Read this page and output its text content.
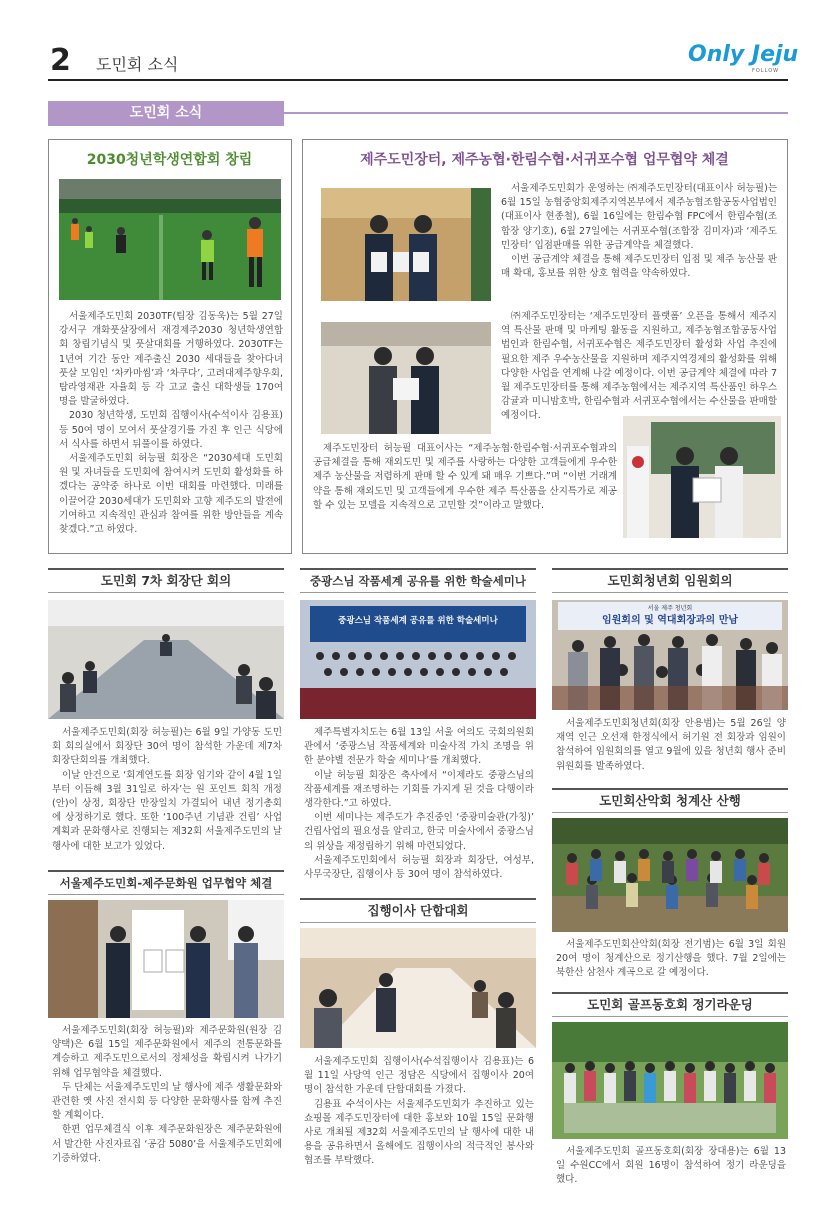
2 도민회 소식	Only Jeju
FOLLOW
도민회 소식
2030청년학생연합회 창립

서울제주도민회 2030TF(팀장 김동욱)는 5월 27일 강서구 개화풋살장에서 재경제주2030 청년학생연합회 창립기념식 및 풋살대회를 거행하였다. 2030TF는 1년여 기간 동안 제주출신 2030 세대들을 찾아다녀 풋살 모임인 ‘차카마씸’과 ‘차쿠다’, 고려대제주향우회, 탐라영재관 자율회 등 각 고교 출신 대학생들 170여 명을 발굴하였다.

2030 청년학생, 도민회 집행이사(수석이사 김용표) 등 50여 명이 모여서 풋살경기를 가진 후 인근 식당에서 식사를 하면서 뒤풀이를 하였다.

서울제주도민회 허능필 회장은 “2030세대 도민회원 및 자녀들을 도민회에 참여시켜 도민회 활성화를 하겠다는 공약중 하나로 이번 대회를 마련했다. 미래를 이끌어갈 2030세대가 도민회와 고향 제주도의 발전에 기여하고 지속적인 관심과 참여를 위한 방안들을 계속 찾겠다.”고 하였다.

제주도민장터, 제주농협·한림수협·서귀포수협 업무협약 체결

서울제주도민회가 운영하는 ㈜제주도민장터(대표이사 허능필)는 6월 15일 농협중앙회제주지역본부에서 제주농협조합공동사업법인(대표이사 현종철), 6월 16일에는 한림수협 FPC에서 한림수협(조합장 양기호), 6월 27일에는 서귀포수협(조합장 김미자)과 ‘제주도민장터’ 입점판매를 위한 공급계약을 체결했다.

이번 공급계약 체결을 통해 제주도민장터 입점 및 제주 농산물 판매 확대, 홍보를 위한 상호 협력을 약속하였다.

㈜제주도민장터는 ‘제주도민장터 플랫폼’ 오픈을 통해서 제주지역 특산물 판매 및 마케팅 활동을 지원하고, 제주농협조합공동사업법인과 한림수협, 서귀포수협은 제주도민장터 활성화 사업 추진에 필요한 제주 우수농산물을 지원하며 제주지역경제의 활성화를 위해 다양한 사업을 연계해 나갈 예정이다. 이번 공급계약 체결에 따라 7월 제주도민장터를 통해 제주농협에서는 제주지역 특산품인 하우스 감귤과 미니밤호박, 한림수협과 서귀포수협에서는 수산물을 판매할 예정이다.

제주도민장터 허능필 대표이사는 “제주농협·한림수협·서귀포수협과의 공급체결을 통해 재외도민 및 제주를 사랑하는 다양한 고객들에게 우수한 제주 농산물을 저렴하게 판매 할 수 있게 돼 매우 기쁘다.”며 “이번 거래계약을 통해 재외도민 및 고객들에게 우수한 제주 특산품을 산지특가로 제공할 수 있는 모델을 지속적으로 고민할 것”이라고 말했다.

도민회 7차 회장단 회의

서울제주도민회(회장 허능필)는 6월 9일 가양동 도민회 회의실에서 회장단 30여 명이 참석한 가운데 제7차 회장단회의를 개최했다.

이날 안건으로 ‘회계연도를 회장 임기와 같이 4월 1일부터 이듬해 3월 31일로 하자’는 원 포인트 회칙 개정(안)이 상정, 회장단 만장일치 가결되어 내년 정기총회에 상정하기로 했다. 또한 ‘100주년 기념관 건립’ 사업계획과 문화행사로 진행되는 제32회 서울제주도민의 날 행사에 대한 보고가 있었다.

서울제주도민회-제주문화원 업무협약 체결

서울제주도민회(회장 허능필)와 제주문화원(원장 김양택)은 6월 15일 제주문화원에서 제주의 전통문화를 계승하고 제주도민으로서의 정체성을 확립시켜 나가기 위해 업무협약을 체결했다.

두 단체는 서울제주도민의 날 행사에 제주 생활문화와 관련한 옛 사진 전시회 등 다양한 문화행사를 함께 추진할 계획이다.

한편 업무체결식 이후 제주문화원장은 제주문화원에서 발간한 사진자료집 ‘공감 5080’을 서울제주도민회에 기증하였다.

중광스님 작품세계 공유를 위한 학술세미나
중광스님 작품세계 공유를 위한 학술세미나

제주특별자치도는 6월 13일 서울 여의도 국회의원회관에서 ‘중광스님 작품세계와 미술사적 가치 조명을 위한 분야별 전문가 학술 세미나’를 개최했다.

이날 허능필 회장은 축사에서 “이제라도 중광스님의 작품세계를 재조명하는 기회를 가지게 된 것을 다행이라 생각한다.”고 하였다.

이번 세미나는 제주도가 추진중인 ‘중광미술관(가칭)’ 건립사업의 필요성을 알리고, 한국 미술사에서 중광스님의 위상을 재정립하기 위해 마련되었다.

서울제주도민회에서 허능필 회장과 회장단, 여성부, 사무국장단, 집행이사 등 30여 명이 참석하였다.

집행이사 단합대회

서울제주도민회 집행이사(수석집행이사 김용표)는 6월 11일 사당역 인근 정담은 식당에서 집행이사 20여 명이 참석한 가운데 단합대회를 가졌다.

김용표 수석이사는 서울제주도민회가 추진하고 있는 쇼핑몰 제주도민장터에 대한 홍보와 10월 15일 문화행사로 개최될 제32회 서울제주도민의 날 행사에 대한 내용을 공유하면서 올해에도 집행이사의 적극적인 봉사와 협조를 부탁했다.

도민회청년회 임원회의
서울 제주 청년회
임원회의 및 역대회장과의 만남

서울제주도민회청년회(회장 안용범)는 5월 26일 양재역 인근 오선재 한정식에서 허기원 전 회장과 임원이 참석하여 임원회의를 열고 9월에 있을 청년회 행사 준비위원회를 발족하였다.

도민회산악회 청계산 산행

서울제주도민회산악회(회장 전기범)는 6월 3일 회원 20여 명이 청계산으로 정기산행을 했다. 7월 2일에는 북한산 삼천사 계곡으로 갈 예정이다.

도민회 골프동호회 정기라운딩

서울제주도민회 골프동호회(회장 장대용)는 6월 13일 수원CC에서 회원 16명이 참석하여 정기 라운딩을 했다.
